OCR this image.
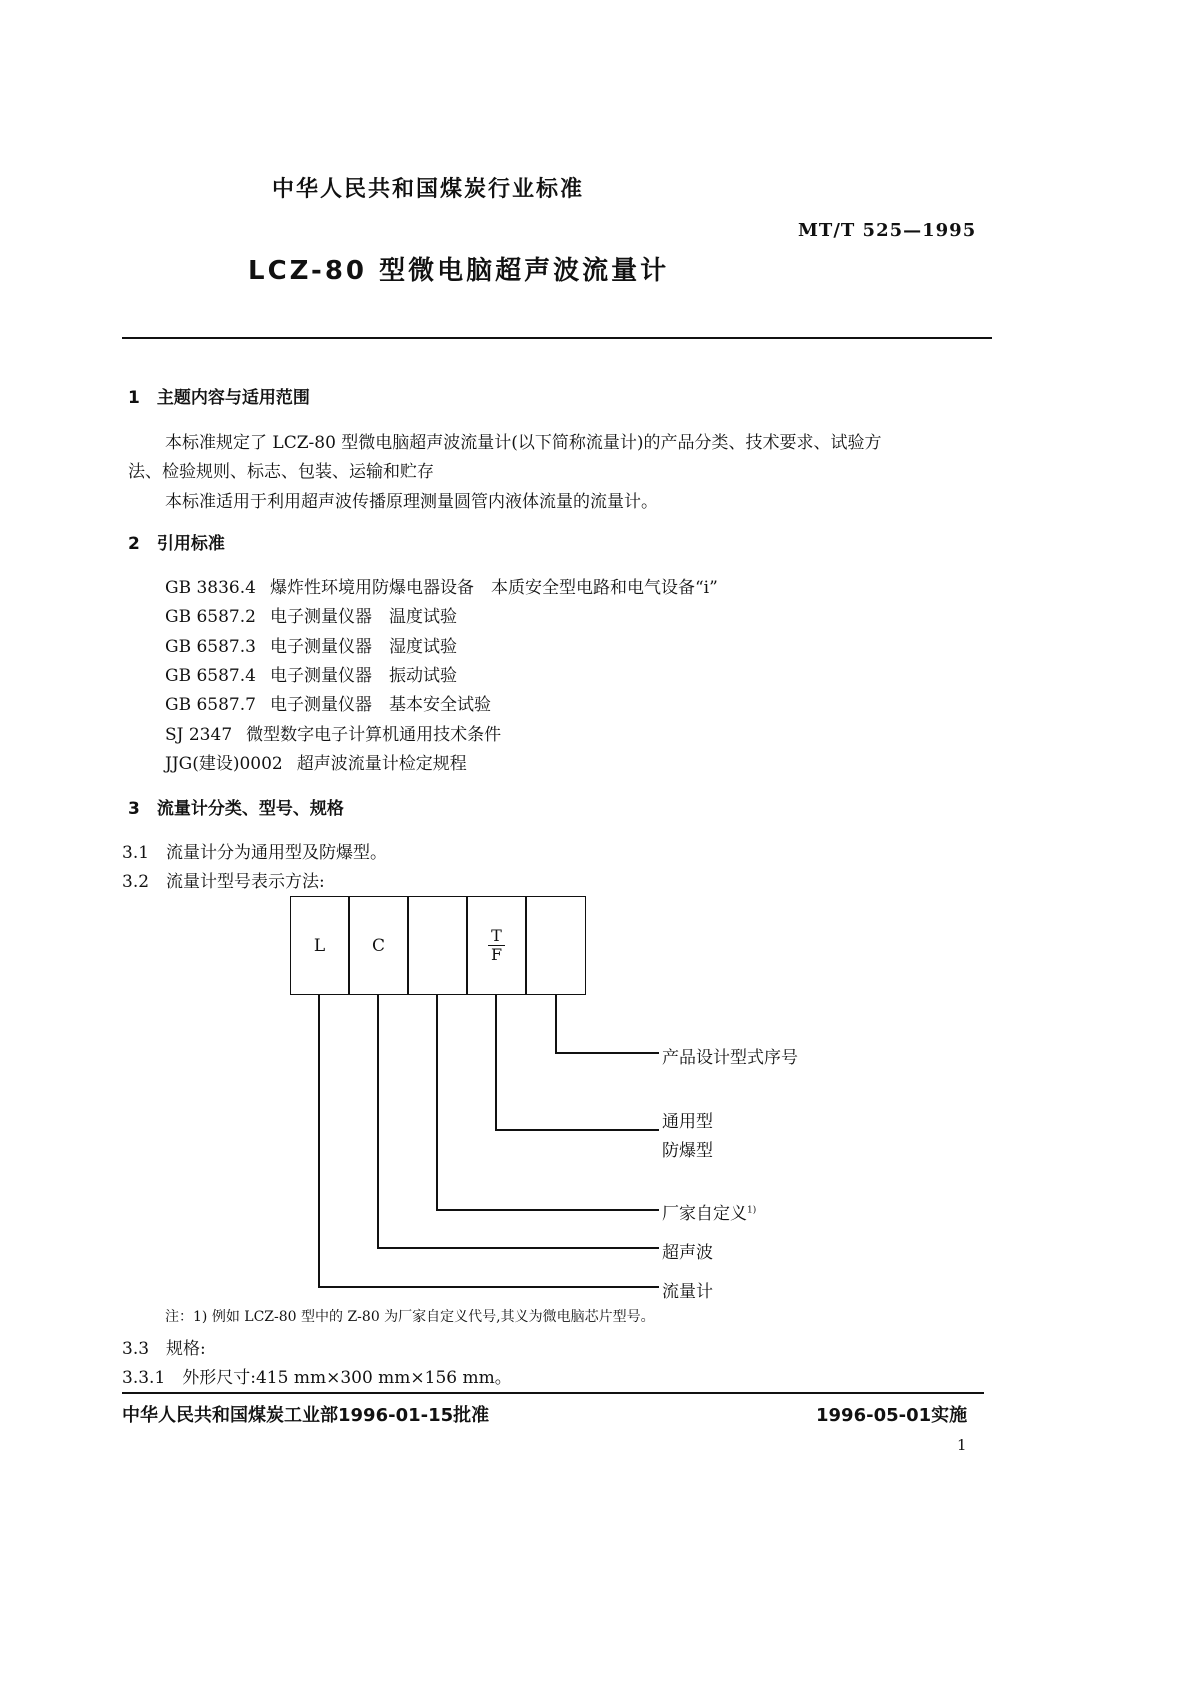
中华人民共和国煤炭行业标准
MT/T 525—1995
LCZ-80 型微电脑超声波流量计
1　 主题内容与适用范围
本标准规定了 LCZ-80 型微电脑超声波流量计(以下简称流量计)的产品分类、技术要求、试验方
法、检验规则、标志、包装、运输和贮存
本标准适用于利用超声波传播原理测量圆管内液体流量的流量计。
2　 引用标准
GB 3836.4 爆炸性环境用防爆电器设备　本质安全型电路和电气设备“i”
GB 6587.2 电子测量仪器　温度试验
GB 6587.3 电子测量仪器　湿度试验
GB 6587.4 电子测量仪器　振动试验
GB 6587.7 电子测量仪器　基本安全试验
SJ 2347 微型数字电子计算机通用技术条件
JJG(建设)0002 超声波流量计检定规程
3　 流量计分类、型号、规格
3.1　 流量计分为通用型及防爆型。
3.2　 流量计型号表示方法:
L	C	$\frac{T}{F}$
产品设计型式序号
通用型
防爆型
厂家自定义$^{1)}$
超声波
流量计
注：1) 例如 LCZ-80 型中的 Z-80 为厂家自定义代号,其义为微电脑芯片型号。
3.3　 规格:
3.3.1　 外形尺寸:415 mm×300 mm×156 mm。
中华人民共和国煤炭工业部1996-01-15批准	1996-05-01实施
1
